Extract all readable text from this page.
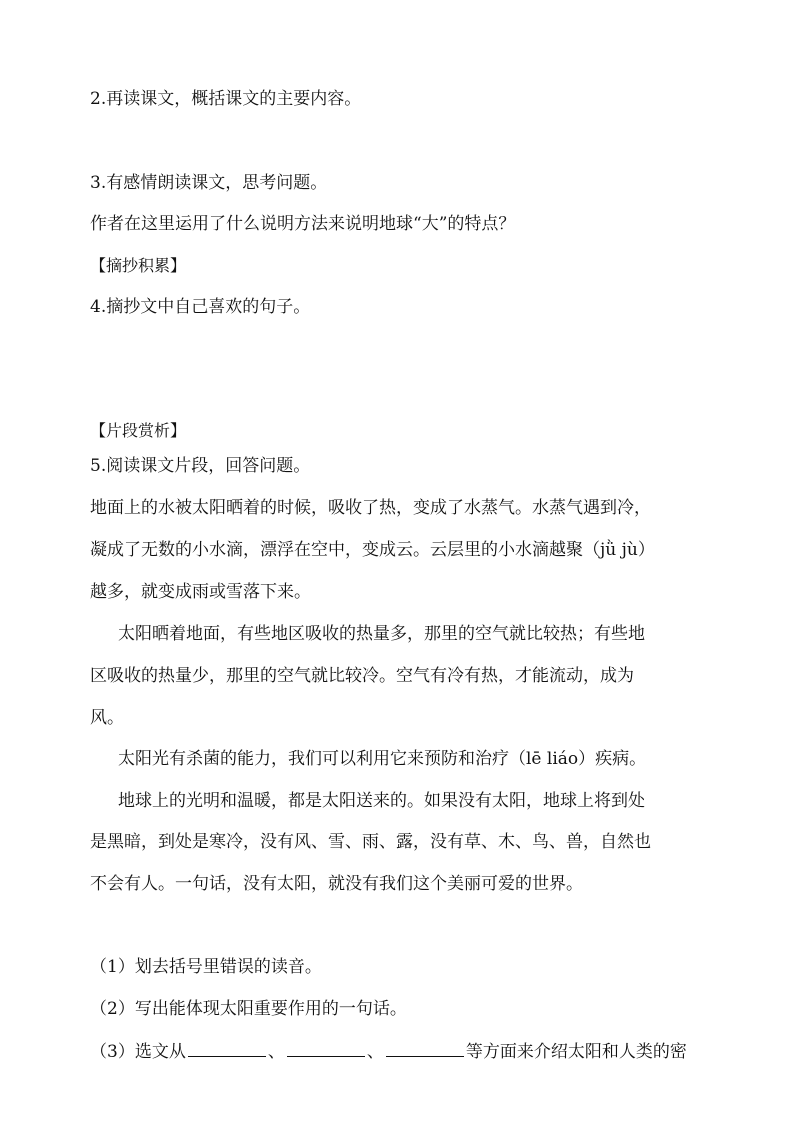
2.再读课文，概括课文的主要内容。
3.有感情朗读课文，思考问题。
作者在这里运用了什么说明方法来说明地球“大”的特点？
【摘抄积累】
4.摘抄文中自己喜欢的句子。
【片段赏析】
5.阅读课文片段，回答问题。
地面上的水被太阳晒着的时候，吸收了热，变成了水蒸气。水蒸气遇到冷，
凝成了无数的小水滴，漂浮在空中，变成云。云层里的小水滴越聚（jǜ jù）
越多，就变成雨或雪落下来。
太阳晒着地面，有些地区吸收的热量多，那里的空气就比较热；有些地
区吸收的热量少，那里的空气就比较冷。空气有冷有热，才能流动，成为
风。
太阳光有杀菌的能力，我们可以利用它来预防和治疗（lē liáo）疾病。
地球上的光明和温暖，都是太阳送来的。如果没有太阳，地球上将到处
是黑暗，到处是寒冷，没有风、雪、雨、露，没有草、木、鸟、兽，自然也
不会有人。一句话，没有太阳，就没有我们这个美丽可爱的世界。
（1）划去括号里错误的读音。
（2）写出能体现太阳重要作用的一句话。
（3）选文从	、	、	等方面来介绍太阳和人类的密
